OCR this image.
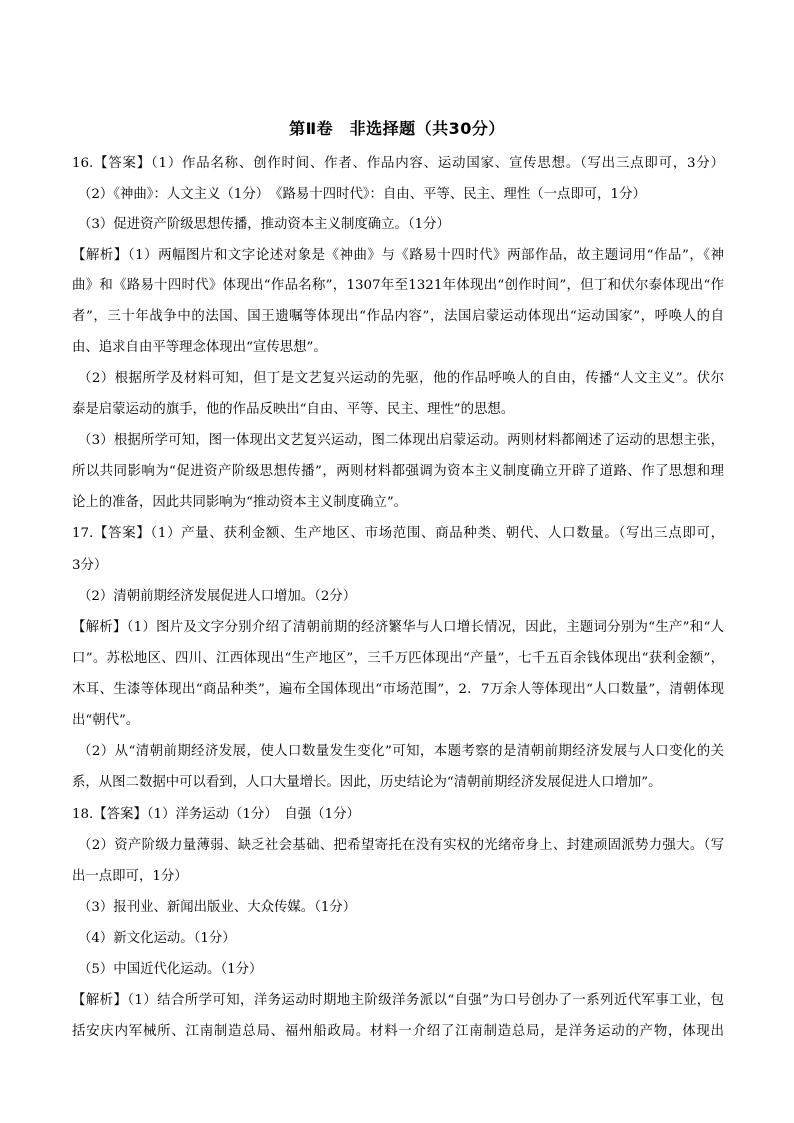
第Ⅱ卷　非选择题（共30分）
16.【答案】（1）作品名称、创作时间、作者、作品内容、运动国家、宣传思想。（写出三点即可，3分）
（2）《神曲》：人文主义（1分）　《路易十四时代》：自由、平等、民主、理性（一点即可，1分）
（3）促进资产阶级思想传播，推动资本主义制度确立。（1分）
【解析】（1）两幅图片和文字论述对象是《神曲》与《路易十四时代》两部作品，故主题词用“作品”，《神
曲》和《路易十四时代》体现出“作品名称”，1307年至1321年体现出“创作时间”，但丁和伏尔泰体现出“作
者”，三十年战争中的法国、国王遗嘱等体现出“作品内容”，法国启蒙运动体现出“运动国家”，呼唤人的自
由、追求自由平等理念体现出“宣传思想”。
（2）根据所学及材料可知，但丁是文艺复兴运动的先驱，他的作品呼唤人的自由，传播“人文主义”。伏尔
泰是启蒙运动的旗手，他的作品反映出“自由、平等、民主、理性”的思想。
（3）根据所学可知，图一体现出文艺复兴运动，图二体现出启蒙运动。两则材料都阐述了运动的思想主张，
所以共同影响为“促进资产阶级思想传播”，两则材料都强调为资本主义制度确立开辟了道路、作了思想和理
论上的准备，因此共同影响为“推动资本主义制度确立”。
17.【答案】（1）产量、获利金额、生产地区、市场范围、商品种类、朝代、人口数量。（写出三点即可，
3分）
（2）清朝前期经济发展促进人口增加。（2分）
【解析】（1）图片及文字分别介绍了清朝前期的经济繁华与人口增长情况，因此，主题词分别为“生产”和“人
口”。苏松地区、四川、江西体现出“生产地区”，三千万匹体现出“产量”，七千五百余钱体现出“获利金额”，
木耳、生漆等体现出“商品种类”，遍布全国体现出“市场范围”，2．7万余人等体现出“人口数量”，清朝体现
出“朝代”。
（2）从“清朝前期经济发展，使人口数量发生变化”可知，本题考察的是清朝前期经济发展与人口变化的关
系，从图二数据中可以看到，人口大量增长。因此，历史结论为“清朝前期经济发展促进人口增加”。
18.【答案】（1）洋务运动（1分）　自强（1分）
（2）资产阶级力量薄弱、缺乏社会基础、把希望寄托在没有实权的光绪帝身上、封建顽固派势力强大。（写
出一点即可，1分）
（3）报刊业、新闻出版业、大众传媒。（1分）
（4）新文化运动。（1分）
（5）中国近代化运动。（1分）
【解析】（1）结合所学可知，洋务运动时期地主阶级洋务派以“自强”为口号创办了一系列近代军事工业，包
括安庆内军械所、江南制造总局、福州船政局。材料一介绍了江南制造总局，是洋务运动的产物，体现出
